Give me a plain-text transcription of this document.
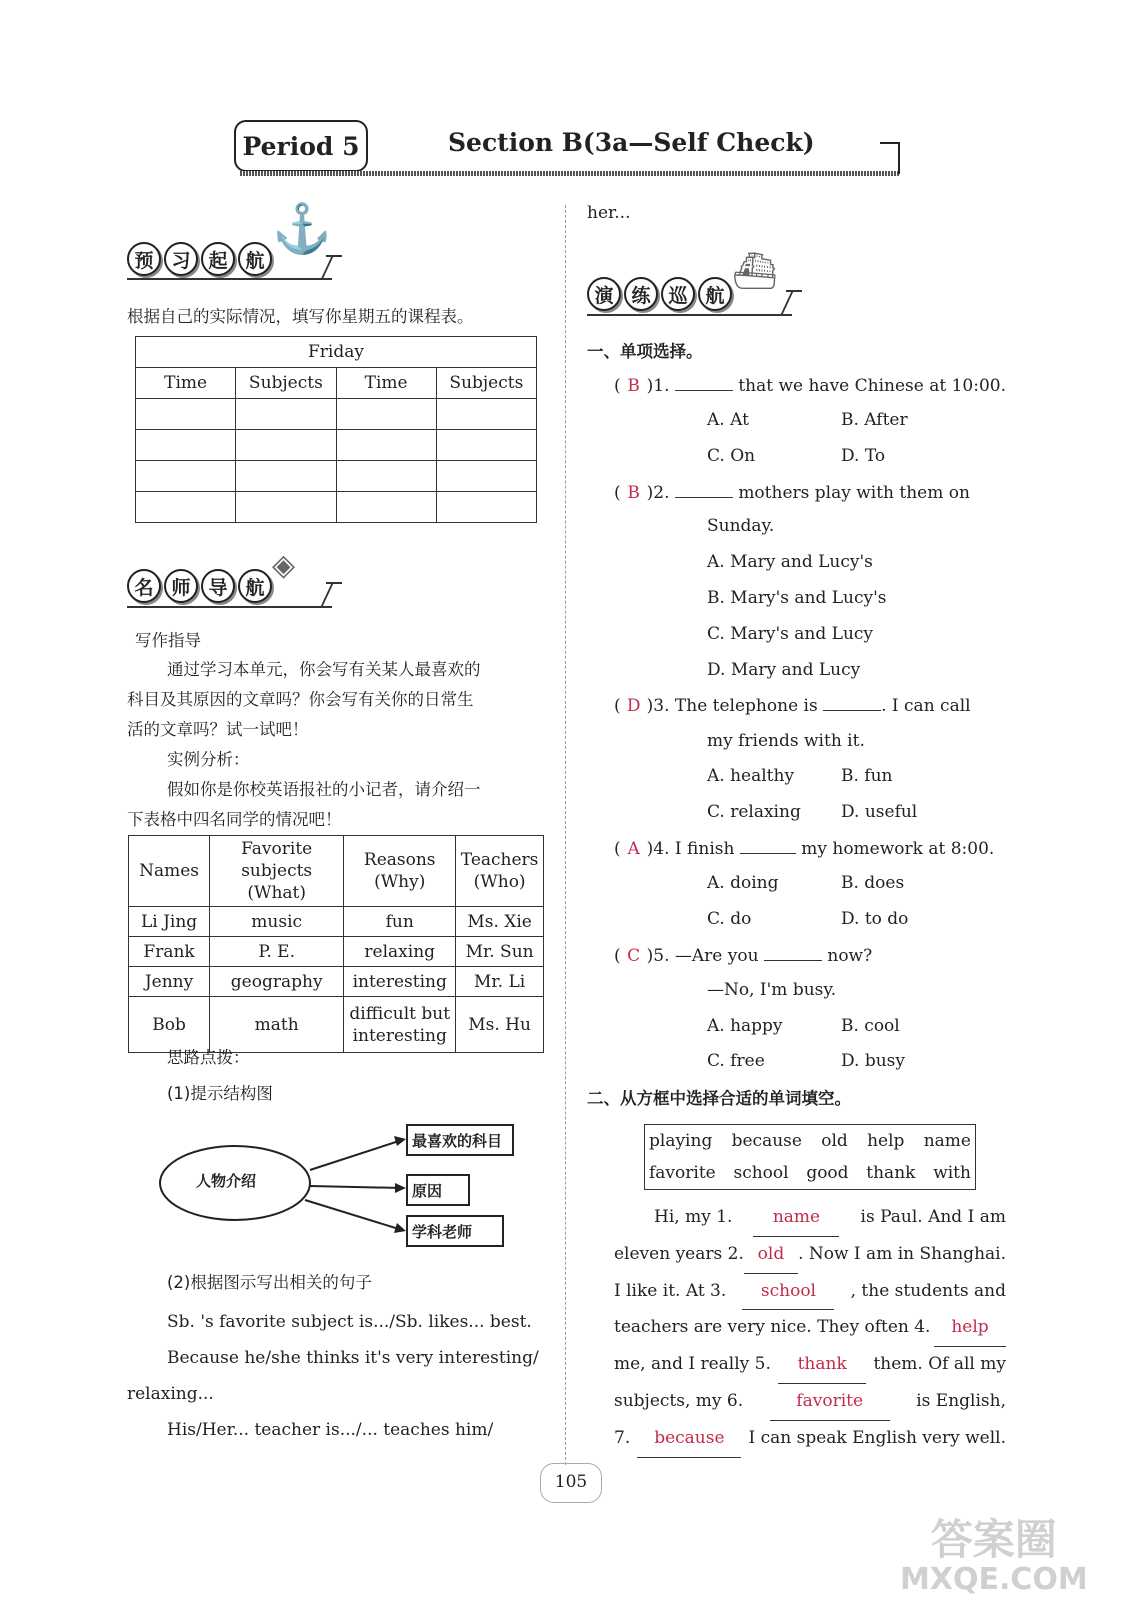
Period 5	Section B(3a—Self Check)
预 习 起 航
⚓
根据自己的实际情况，填写你星期五的课程表。
Friday			
Time	Subjects	Time	Subjects

名 师 导 航
◈
写作指导
通过学习本单元，你会写有关某人最喜欢的
科目及其原因的文章吗？你会写有关你的日常生
活的文章吗？试一试吧！
实例分析：
假如你是你校英语报社的小记者，请介绍一
下表格中四名同学的情况吧！
Names	Favorite subjects (What)	Reasons (Why)	Teachers (Who)
Li Jing	music	fun	Ms. Xie
Frank	P. E.	relaxing	Mr. Sun
Jenny	geography	interesting	Mr. Li
Bob	math	difficult but interesting	Ms. Hu
思路点拨：
(1)提示结构图
人物介绍
最喜欢的科目
原因
学科老师
(2)根据图示写出相关的句子
Sb. 's favorite subject is.../Sb. likes... best.
Because he/she thinks it's very interesting/
relaxing...
His/Her... teacher is.../... teaches him/
her...
演 练 巡 航
⛴
一、单项选择。
( B )1.	that we have Chinese at 10:00.
A. At	B. After
C. On	D. To
( B )2.	mothers play with them on
Sunday.
A. Mary and Lucy's
B. Mary's and Lucy's
C. Mary's and Lucy
D. Mary and Lucy
( D )3. The telephone is	. I can call
my friends with it.
A. healthy	B. fun
C. relaxing D. useful
( A )4. I finish	my homework at 8:00.
A. doing	B. does
C. do	D. to do
( C )5. —Are you	now?
—No, I'm busy.
A. happy	B. cool
C. free	D. busy
二、从方框中选择合适的单词填空。
playing because old help name
favorite school good thank with
Hi, my 1.	name	is Paul. And I am
eleven years 2. old . Now I am in Shanghai.
I like it. At 3.	school	, the students and
teachers are very nice. They often 4.	help
me, and I really 5.	thank	them. Of all my
subjects, my 6.	favorite	is English,
7.	because	I can speak English very well.
105
答案圈
MXQE.COM
